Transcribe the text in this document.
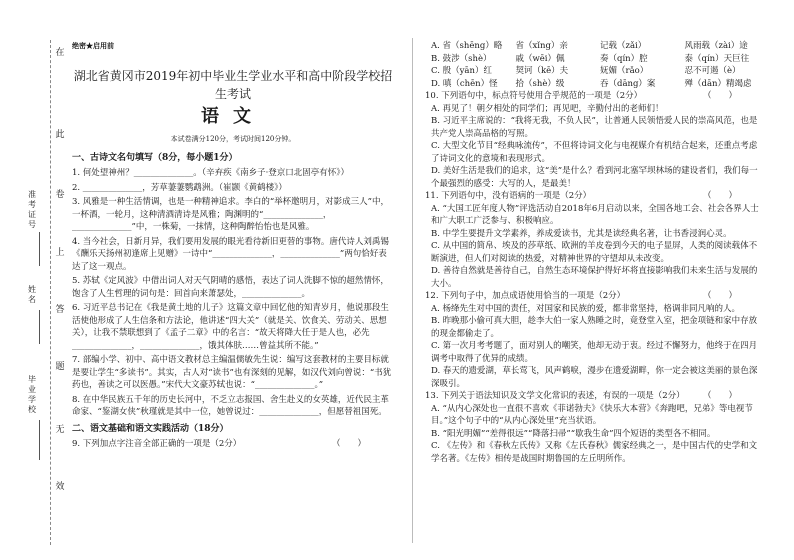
在
此
卷
上
答
题
无
效
准考证号
姓名
毕业学校
绝密★启用前
湖北省黄冈市2019年初中毕业生学业水平和高中阶段学校招
生考试
语文
本试卷满分120分，考试时间120分钟。
一、古诗文名句填写（8分，每小题1分）

1. 何处望神州？______________。（辛弃疾《南乡子·登京口北固亭有怀》）

2. ______________，芳草萋萋鹦鹉洲。（崔颢《黄鹤楼》）

3. 风雅是一种生活情调，也是一种精神追求。李白的“举杯邀明月，对影成三人”中，一杯酒，一轮月，这种清酒清诗是风雅；陶渊明的“______________，______________”中，一株菊，一抹情，这种陶醉怡怡也是风雅。

4. 当今社会，日新月异，我们要用发展的眼光看待新旧更替的事物。唐代诗人刘禹锡《酬乐天扬州初逢席上见赠》一诗中“______________，______________”两句恰好表达了这一观点。

5. 苏轼《定风波》中借出词人对天气阴晴的感悟，表达了词人洗脚不惊的超然情怀，饱含了人生哲理的词句是：回首向来萧瑟处，______________。

6. 习近平总书记在《我是黄土地的儿子》这篇文章中回忆他的知青岁月，他说那段生活使他形成了人生信条和方法论，他讲述“四大关”（就是关、饮食关、劳动关、思想关），让我不禁联想到了《孟子二章》中的名言：“故天将降大任于是人也，必先______________，______________，饿其体肤……曾益其所不能。”

7. 部编小学、初中、高中语文教材总主编温儒敏先生说：编写这套教材的主要目标就是要让学生“多读书”。其实，古人对“读书”也有深刻的见解，如汉代刘向曾说：“书犹药也，善读之可以医愚。”宋代大文豪苏轼也说：“______________。”

8. 在中华民族五千年的历史长河中，不乏立志报国、舍生赴义的女英雄，近代民主革命家、“鉴湖女侠”秋瑾就是其中一位，她曾说过：______________，但愿替祖国死。

二、语文基础和语文实践活动（18分）
9. 下列加点字注音全部正确的一项是（2分）	（　　）
A. 省（shēng）略	省（xǐng）亲	记载（zǎi）	风雨载（zài）途
B. 鼓涉（shè）	戚（wēi）佩	奏（qín）腔	泰（qín）天巨往
C. 殷（yān）红	契诃（kē）夫	妩媚（rǎo）	忍不可遏（è）
D. 嗔（chēn）怪	拾（shè）级	吞（dāng）案	殚（dān）精竭虑
10. 下列语句中，标点符号使用合乎规范的一项是（2分）	（　　）

A. 再见了！朝夕相处的同学们；再见吧，辛勤付出的老师们！

B. 习近平主席说的：“我将无我，不负人民”，让普通人民领悟爱人民的崇高风范，也是共产党人崇高品格的写照。

C. 大型文化节目“经典咏流传”，不但将诗词文化与电视媒介有机结合起来，还重点考虑了诗词文化的意境和表现形式。

D. 美好生活是我们的追求，这“美”是什么？看到河北塞罕坝林场的建设者们，我们每一个最强烈的感受：大写的人，是最美！

11. 下列语句中，没有语病的一项是（2分）	（　　）

A. “大国工匠年度人物”评选活动自2018年6月启动以来，全国各地工会、社会各界人士和广大职工广泛参与、积极响应。

B. 中学生要提升文学素养，养成爱读书，尤其是读经典名著，让书香浸润心灵。

C. 从中国的简帛、埃及的莎草纸、欧洲的羊皮卷到今天的电子显屏，人类的阅读载体不断演进，但人们对阅读的热爱，对精神世界的守望却从未改变。

D. 善待自然就是善待自己，自然生态环境保护得好坏将直接影响我们未来生活与发展的大小。

12. 下列句子中，加点成语使用恰当的一项是（2分）	（　　）

A. 杨绛先生对中国的责任，对国家和民族的爱，都非常坚持，格调非同凡响的人。

B. 昨晚那小偷可真大胆，趁李大伯一家人熟睡之时，竟登堂入室，把金项链和家中存放的现金都偷走了。

C. 第一次月考考题了，面对别人的嘲笑，他却无动于衷。经过不懈努力，他终于在四月调考中取得了优异的成绩。

D. 春天的遗爱湖，草长莺飞，风声鹤唳，漫步在遗爱湖畔，你一定会被这美丽的景色深深吸引。

13. 下列关于语法知识及文学文化常识的表述，有误的一项是（2分） （　　）

A. “从内心深处也一直很不喜欢《菲诺勃夫》《快乐大本营》《奔跑吧，兄弟》等电视节目。”这个句子中的“从内心深处里”充当状语。

B. “阳光明媚”“差得很远”“降落扫帚”“歇我生命”四个短语的类型各不相同。

C. 《左传》和《春秋左氏传》又称《左氏春秋》儒家经典之一，是中国古代的史学和文学名著。《左传》相传是战国时期鲁国的左丘明所作。
